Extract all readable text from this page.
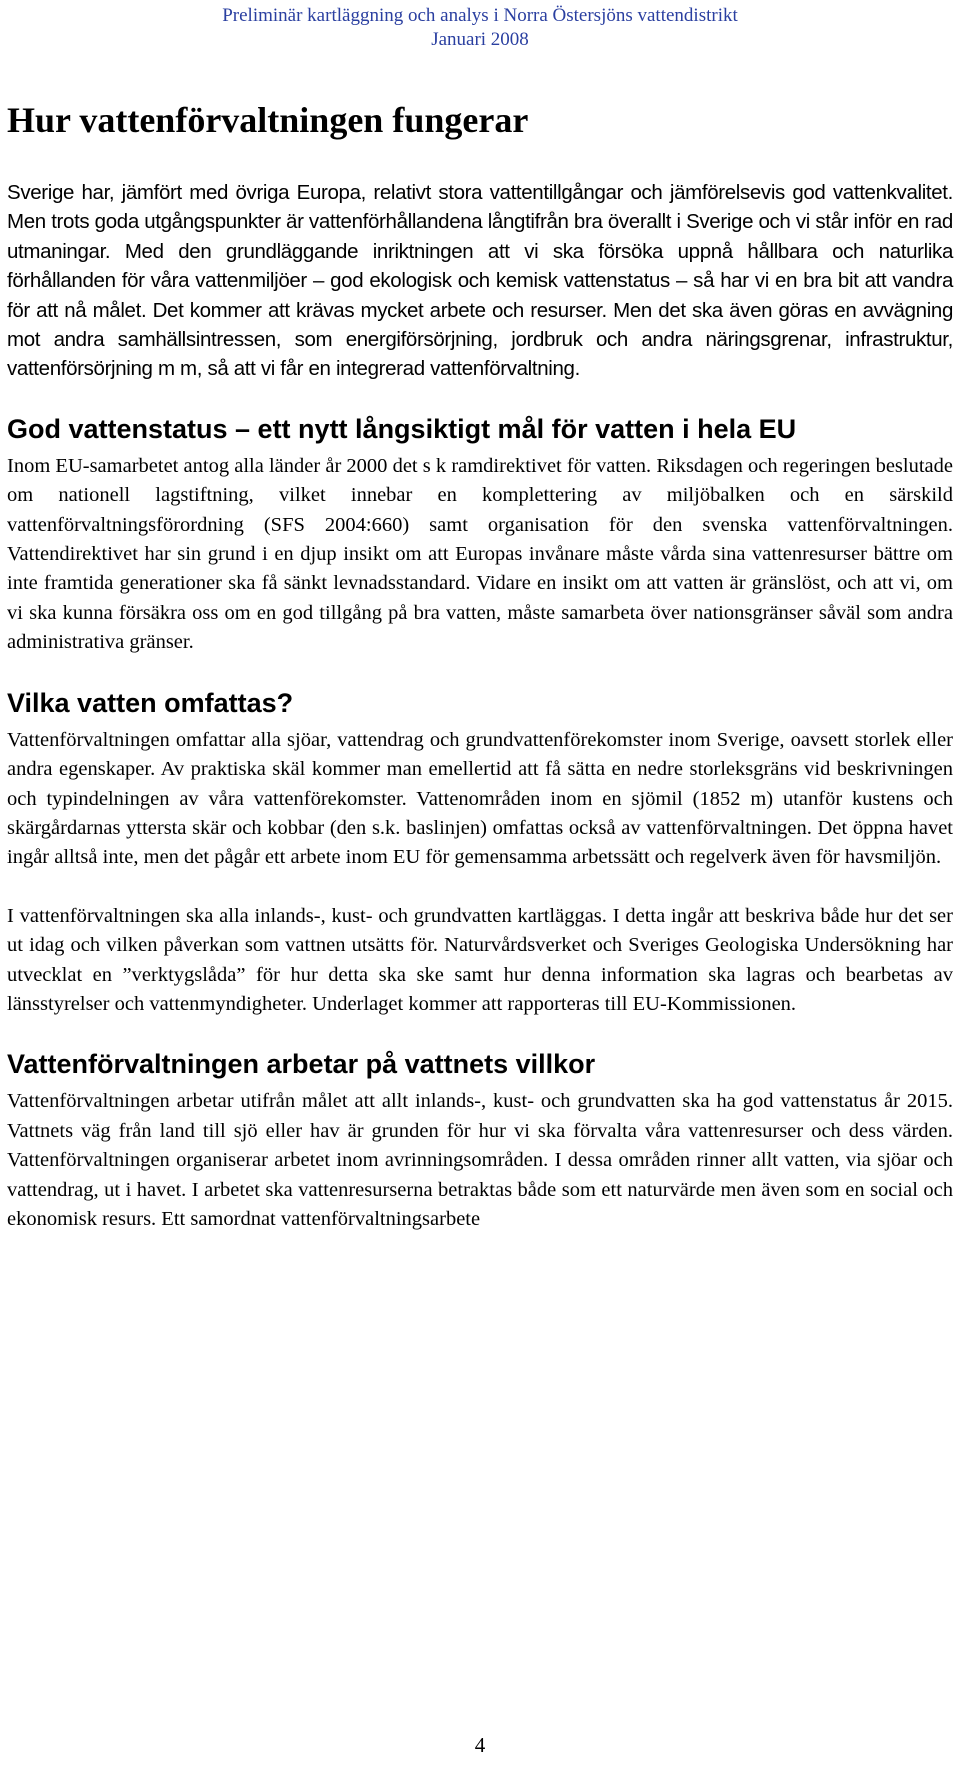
Preliminär kartläggning och analys i Norra Östersjöns vattendistrikt
Januari 2008
Hur vattenförvaltningen fungerar

Sverige har, jämfört med övriga Europa, relativt stora vattentillgångar och jämförelsevis god vattenkvalitet. Men trots goda utgångspunkter är vattenförhållandena långtifrån bra överallt i Sverige och vi står inför en rad utmaningar. Med den grundläggande inriktningen att vi ska försöka uppnå hållbara och naturlika förhållanden för våra vattenmiljöer – god ekologisk och kemisk vattenstatus – så har vi en bra bit att vandra för att nå målet. Det kommer att krävas mycket arbete och resurser. Men det ska även göras en avvägning mot andra samhällsintressen, som energiförsörjning, jordbruk och andra näringsgrenar, infrastruktur, vattenförsörjning m m, så att vi får en integrerad vattenförvaltning.

God vattenstatus – ett nytt långsiktigt mål för vatten i hela EU

Inom EU-samarbetet antog alla länder år 2000 det s k ramdirektivet för vatten. Riksdagen och regeringen beslutade om nationell lagstiftning, vilket innebar en komplettering av miljöbalken och en särskild vattenförvaltningsförordning (SFS 2004:660) samt organisation för den svenska vattenförvaltningen. Vattendirektivet har sin grund i en djup insikt om att Europas invånare måste vårda sina vattenresurser bättre om inte framtida generationer ska få sänkt levnadsstandard. Vidare en insikt om att vatten är gränslöst, och att vi, om vi ska kunna försäkra oss om en god tillgång på bra vatten, måste samarbeta över nationsgränser såväl som andra administrativa gränser.

Vilka vatten omfattas?

Vattenförvaltningen omfattar alla sjöar, vattendrag och grundvattenförekomster inom Sverige, oavsett storlek eller andra egenskaper. Av praktiska skäl kommer man emellertid att få sätta en nedre storleksgräns vid beskrivningen och typindelningen av våra vattenförekomster. Vattenområden inom en sjömil (1852 m) utanför kustens och skärgårdarnas yttersta skär och kobbar (den s.k. baslinjen) omfattas också av vattenförvaltningen. Det öppna havet ingår alltså inte, men det pågår ett arbete inom EU för gemensamma arbetssätt och regelverk även för havsmiljön.

I vattenförvaltningen ska alla inlands-, kust- och grundvatten kartläggas. I detta ingår att beskriva både hur det ser ut idag och vilken påverkan som vattnen utsätts för. Naturvårdsverket och Sveriges Geologiska Undersökning har utvecklat en ”verktygslåda” för hur detta ska ske samt hur denna information ska lagras och bearbetas av länsstyrelser och vattenmyndigheter. Underlaget kommer att rapporteras till EU-Kommissionen.

Vattenförvaltningen arbetar på vattnets villkor

Vattenförvaltningen arbetar utifrån målet att allt inlands-, kust- och grundvatten ska ha god vattenstatus år 2015. Vattnets väg från land till sjö eller hav är grunden för hur vi ska förvalta våra vattenresurser och dess värden. Vattenförvaltningen organiserar arbetet inom avrinningsområden. I dessa områden rinner allt vatten, via sjöar och vattendrag, ut i havet. I arbetet ska vattenresurserna betraktas både som ett naturvärde men även som en social och ekonomisk resurs. Ett samordnat vattenförvaltningsarbete

4
